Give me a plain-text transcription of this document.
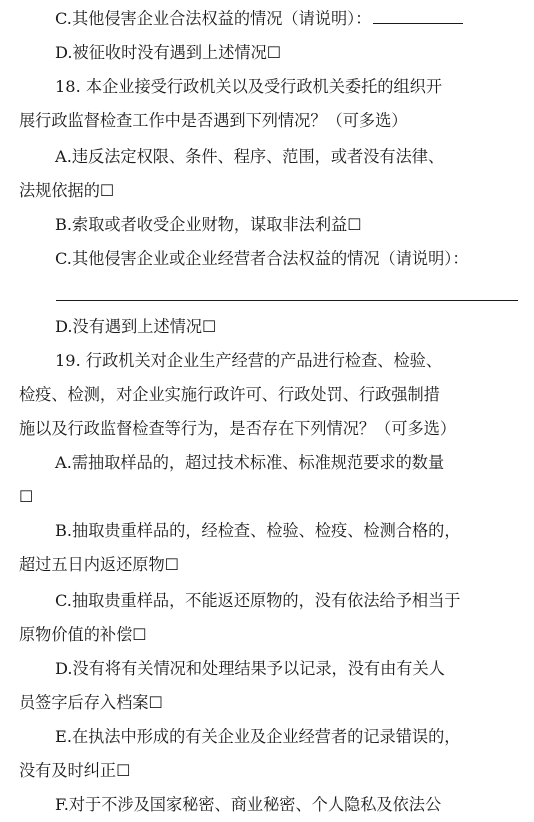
C.其他侵害企业合法权益的情况（请说明）：
D.被征收时没有遇到上述情况☐
18. 本企业接受行政机关以及受行政机关委托的组织开
展行政监督检查工作中是否遇到下列情况？（可多选）
A.违反法定权限、条件、程序、范围，或者没有法律、
法规依据的☐
B.索取或者收受企业财物，谋取非法利益☐
C.其他侵害企业或企业经营者合法权益的情况（请说明）：
D.没有遇到上述情况☐
19. 行政机关对企业生产经营的产品进行检查、检验、
检疫、检测，对企业实施行政许可、行政处罚、行政强制措
施以及行政监督检查等行为，是否存在下列情况？（可多选）
A.需抽取样品的，超过技术标准、标准规范要求的数量
☐
B.抽取贵重样品的，经检查、检验、检疫、检测合格的，
超过五日内返还原物☐
C.抽取贵重样品，不能返还原物的，没有依法给予相当于
原物价值的补偿☐
D.没有将有关情况和处理结果予以记录，没有由有关人
员签字后存入档案☐
E.在执法中形成的有关企业及企业经营者的记录错误的，
没有及时纠正☐
F.对于不涉及国家秘密、商业秘密、个人隐私及依法公
